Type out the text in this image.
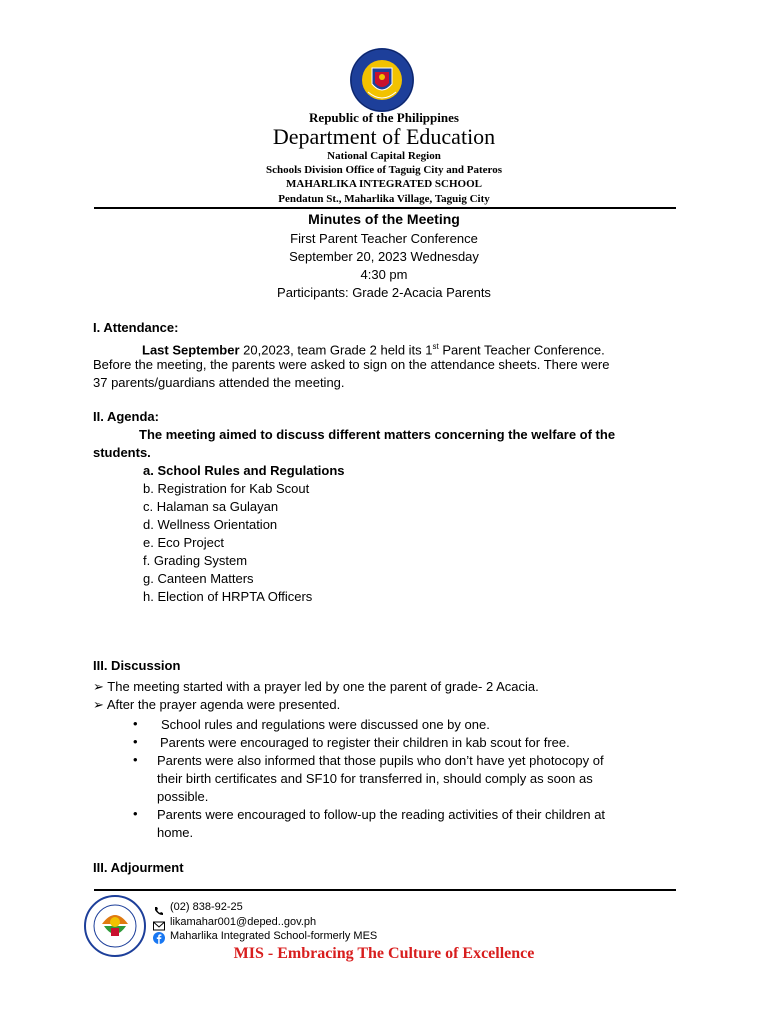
Republic of the Philippines
Department of Education
National Capital Region
Schools Division Office of Taguig City and Pateros
MAHARLIKA INTEGRATED SCHOOL
Pendatun St., Maharlika Village, Taguig City
Minutes of the Meeting
First Parent Teacher Conference
September 20, 2023 Wednesday
4:30 pm
Participants: Grade 2-Acacia Parents
I. Attendance:
Last September 20,2023, team Grade 2 held its 1st Parent Teacher Conference.
Before the meeting, the parents were asked to sign on the attendance sheets. There were
37 parents/guardians attended the meeting.
II. Agenda:
The meeting aimed to discuss different matters concerning the welfare of the
students.
a. School Rules and Regulations
b. Registration for Kab Scout
c. Halaman sa Gulayan
d. Wellness Orientation
e. Eco Project
f. Grading System
g. Canteen Matters
h. Election of HRPTA Officers
III. Discussion
➢ The meeting started with a prayer led by one the parent of grade- 2 Acacia.
➢ After the prayer agenda were presented.
• School rules and regulations were discussed one by one.
• Parents were encouraged to register their children in kab scout for free.
• Parents were also informed that those pupils who don’t have yet photocopy of
their birth certificates and SF10 for transferred in, should comply as soon as
possible.
• Parents were encouraged to follow-up the reading activities of their children at
home.
III. Adjourment
(02) 838-92-25
likamahar001@deped..gov.ph
Maharlika Integrated School-formerly MES
MIS - Embracing The Culture of Excellence
